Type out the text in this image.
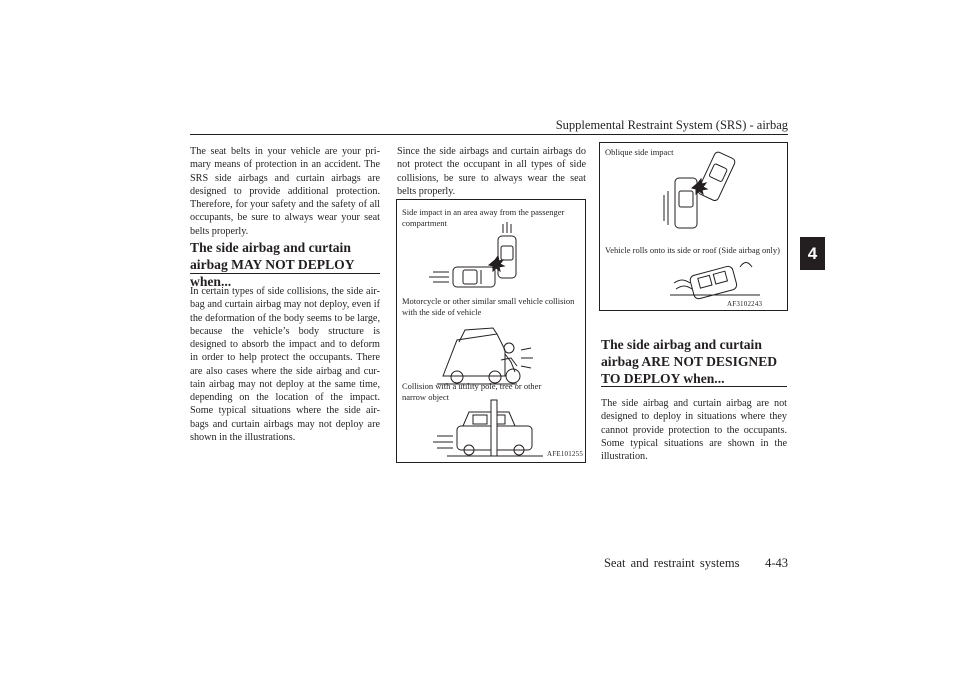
Supplemental Restraint System (SRS) - airbag
4
The seat belts in your vehicle are your pri-mary means of protection in an accident. The SRS side airbags and curtain airbags are designed to provide additional protection. Therefore, for your safety and the safety of all occupants, be sure to always wear your seat belts properly.
The side airbag and curtain airbag MAY NOT DEPLOY when...
In certain types of side collisions, the side air-bag and curtain airbag may not deploy, even if the deformation of the body seems to be large, because the vehicle’s body structure is designed to absorb the impact and to deform in order to help protect the occupants. There are also cases where the side airbag and cur-tain airbag may not deploy at the same time, depending on the location of the impact. Some typical situations where the side air-bags and curtain airbags may not deploy are shown in the illustrations.
Since the side airbags and curtain airbags do not protect the occupant in all types of side collisions, be sure to always wear the seat belts properly.
Side impact in an area away from the passenger compartment
Motorcycle or other similar small vehicle collision with the side of vehicle
Collision with a utility pole, tree or other narrow object
AFE101255
Oblique side impact
Vehicle rolls onto its side or roof (Side airbag only)
AF3102243
The side airbag and curtain airbag ARE NOT DESIGNED TO DEPLOY when...
The side airbag and curtain airbag are not designed to deploy in situations where they cannot provide protection to the occupants. Some typical situations are shown in the illustration.
Seat and restraint systems 4-43
